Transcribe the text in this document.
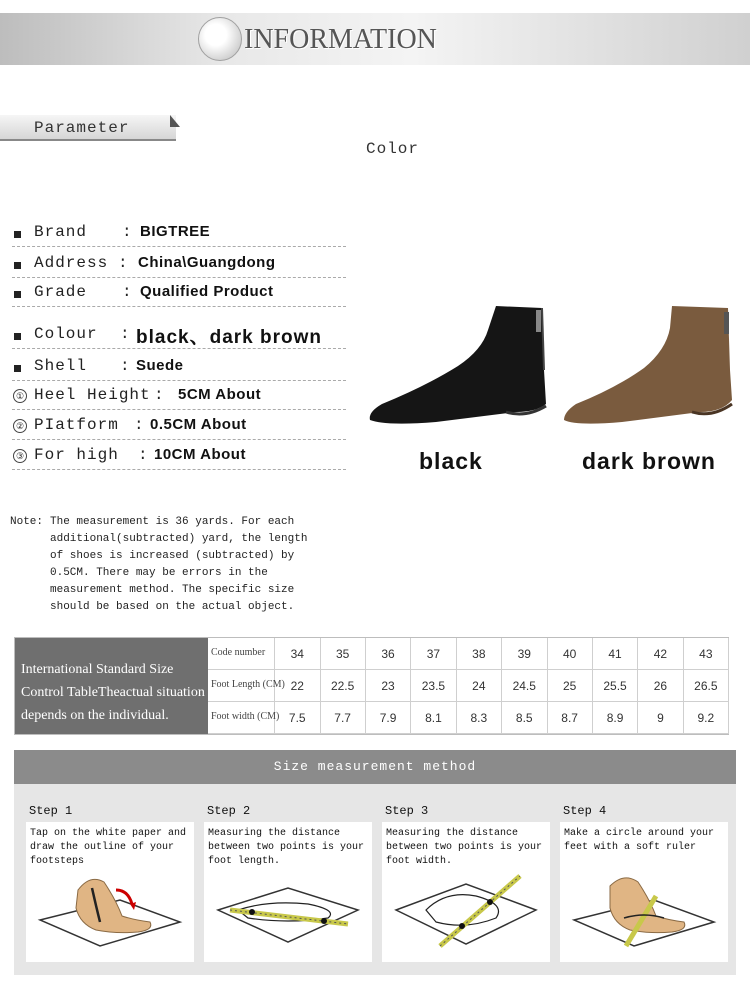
INFORMATION
Parameter
Color
Brand : BIGTREE
Address : China\Guangdong
Grade : Qualified Product
Colour : black、dark brown
Shell : Suede
① Heel Height : 5CM About
② PIatform : 0.5CM About
③ For high : 10CM About	black	dark brown
Note: The measurement is 36 yards. For each additional(subtracted) yard, the length of shoes is increased (subtracted) by 0.5CM. There may be errors in the measurement method. The specific size should be based on the actual object.
International Standard Size Control TableTheactual situation depends on the individual.
Code number	34	35	36	37	38	39	40	41	42	43
Foot Length (CM) 22	22.5	23	23.5	24	24.5	25	25.5	26	26.5
Foot width (CM) 7.5	7.7	7.9	8.1	8.3	8.5	8.7	8.9	9	9.2
Size measurement method
Step 1
Tap on the white paper and draw the outline of your footsteps
Step 2
Measuring the distance between two points is your foot length.
Step 3
Measuring the distance between two points is your foot width.
Step 4
Make a circle around your feet with a soft ruler
